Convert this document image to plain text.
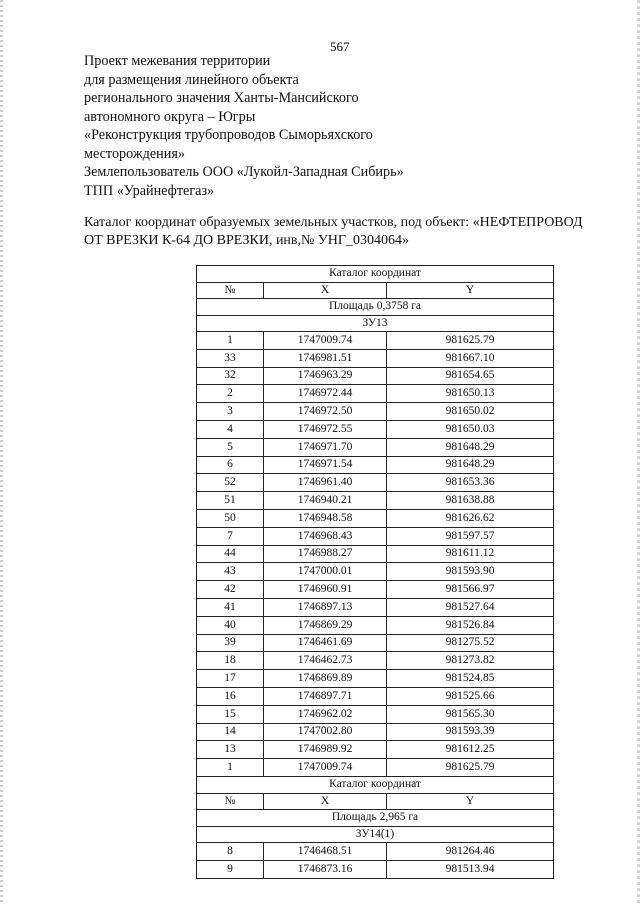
567
Проект межевания территории
для размещения линейного объекта
регионального значения Ханты-Мансийского
автономного округа – Югры
«Реконструкция трубопроводов Сыморьяхского
месторождения»
Землепользователь ООО «Лукойл-Западная Сибирь»
ТПП «Урайнефтегаз»
Каталог координат образуемых земельных участков, под объект: «НЕФТЕПРОВОД ОТ ВРЕЗКИ К-64 ДО ВРЕЗКИ, инв,№ УНГ_0304064»
Каталог координат		
№	X	Y
Площадь 0,3758 га		
ЗУ13		
1	1747009.74	981625.79
33	1746981.51	981667.10
32	1746963.29	981654.65
2	1746972.44	981650.13
3	1746972.50	981650.02
4	1746972.55	981650.03
5	1746971.70	981648.29
6	1746971.54	981648.29
52	1746961.40	981653.36
51	1746940.21	981638.88
50	1746948.58	981626.62
7	1746968.43	981597.57
44	1746988.27	981611.12
43	1747000.01	981593.90
42	1746960.91	981566.97
41	1746897.13	981527.64
40	1746869.29	981526.84
39	1746461.69	981275.52
18	1746462.73	981273.82
17	1746869.89	981524.85
16	1746897.71	981525.66
15	1746962.02	981565.30
14	1747002.80	981593.39
13	1746989.92	981612.25
1	1747009.74	981625.79
Каталог координат		
№	X	Y
Площадь 2,965 га		
ЗУ14(1)		
8	1746468.51	981264.46
9	1746873.16	981513.94
